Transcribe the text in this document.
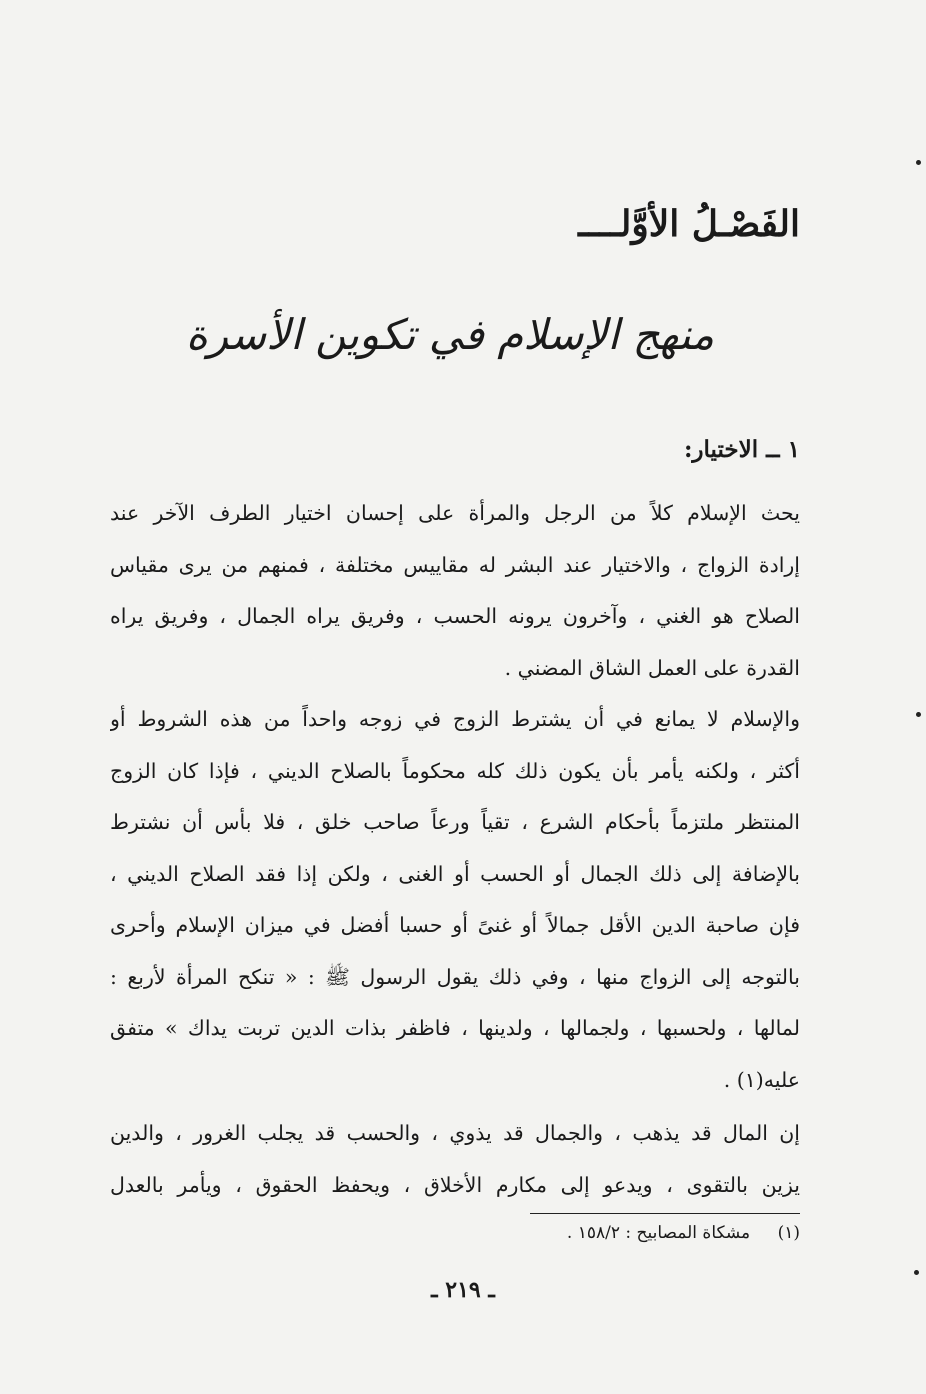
الفَصْـلُ الأوَّلــــ
منهج الإسلام في تكوين الأسرة
١ ــ الاختيار:
يحث الإسلام كلاً من الرجل والمرأة على إحسان اختيار الطرف الآخر عند
إرادة الزواج ، والاختيار عند البشر له مقاييس مختلفة ، فمنهم من يرى مقياس
الصلاح هو الغني ، وآخرون يرونه الحسب ، وفريق يراه الجمال ، وفريق يراه
القدرة على العمل الشاق المضني .
والإسلام لا يمانع في أن يشترط الزوج في زوجه واحداً من هذه الشروط أو
أكثر ، ولكنه يأمر بأن يكون ذلك كله محكوماً بالصلاح الديني ، فإذا كان الزوج
المنتظر ملتزماً بأحكام الشرع ، تقياً ورعاً صاحب خلق ، فلا بأس أن نشترط
بالإضافة إلى ذلك الجمال أو الحسب أو الغنى ، ولكن إذا فقد الصلاح الديني ،
فإن صاحبة الدين الأقل جمالاً أو غنىً أو حسبا أفضل في ميزان الإسلام وأحرى
بالتوجه إلى الزواج منها ، وفي ذلك يقول الرسول ﷺ : « تنكح المرأة لأربع :
لمالها ، ولحسبها ، ولجمالها ، ولدينها ، فاظفر بذات الدين تربت يداك » متفق
عليه(١) .
إن المال قد يذهب ، والجمال قد يذوي ، والحسب قد يجلب الغرور ، والدين
يزين بالتقوى ، ويدعو إلى مكارم الأخلاق ، ويحفظ الحقوق ، ويأمر بالعدل
(١) مشكاة المصابيح : ١٥٨/٢ .
ـ ٢١٩ ـ
